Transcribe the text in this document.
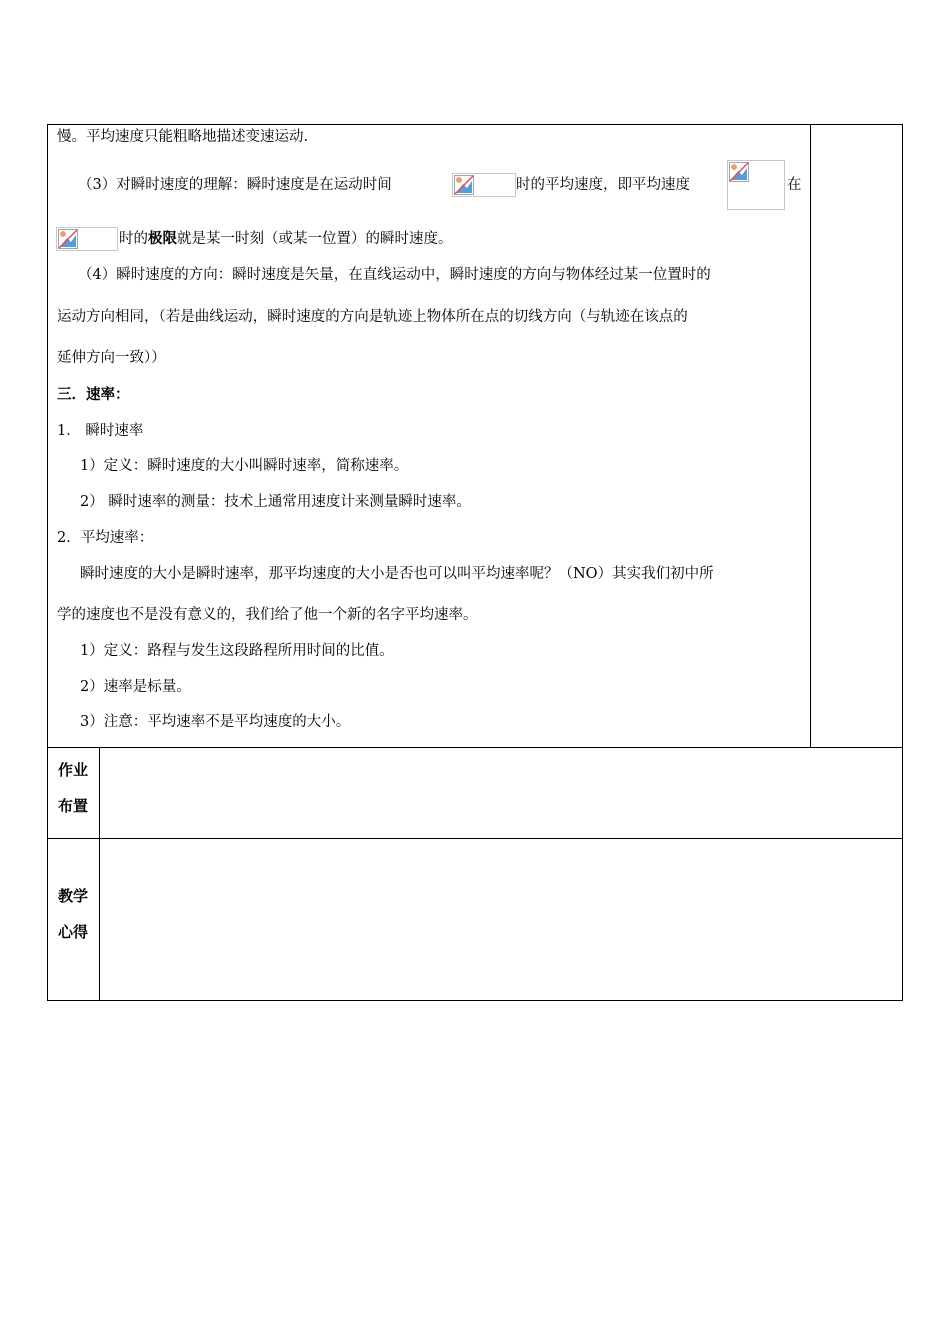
慢。平均速度只能粗略地描述变速运动.
（3）对瞬时速度的理解：瞬时速度是在运动时间	时的平均速度，即平均速度	在
时的极限就是某一时刻（或某一位置）的瞬时速度。
（4）瞬时速度的方向：瞬时速度是矢量，在直线运动中，瞬时速度的方向与物体经过某一位置时的
运动方向相同，（若是曲线运动，瞬时速度的方向是轨迹上物体所在点的切线方向（与轨迹在该点的
延伸方向一致））
三．速率：
1． 瞬时速率
1）定义：瞬时速度的大小叫瞬时速率，简称速率。
2） 瞬时速率的测量：技术上通常用速度计来测量瞬时速率。
2．平均速率：
瞬时速度的大小是瞬时速率，那平均速度的大小是否也可以叫平均速率呢？（NO）其实我们初中所
学的速度也不是没有意义的，我们给了他一个新的名字平均速率。
1）定义：路程与发生这段路程所用时间的比值。
2）速率是标量。
3）注意：平均速率不是平均速度的大小。
作业
布置
教学
心得
